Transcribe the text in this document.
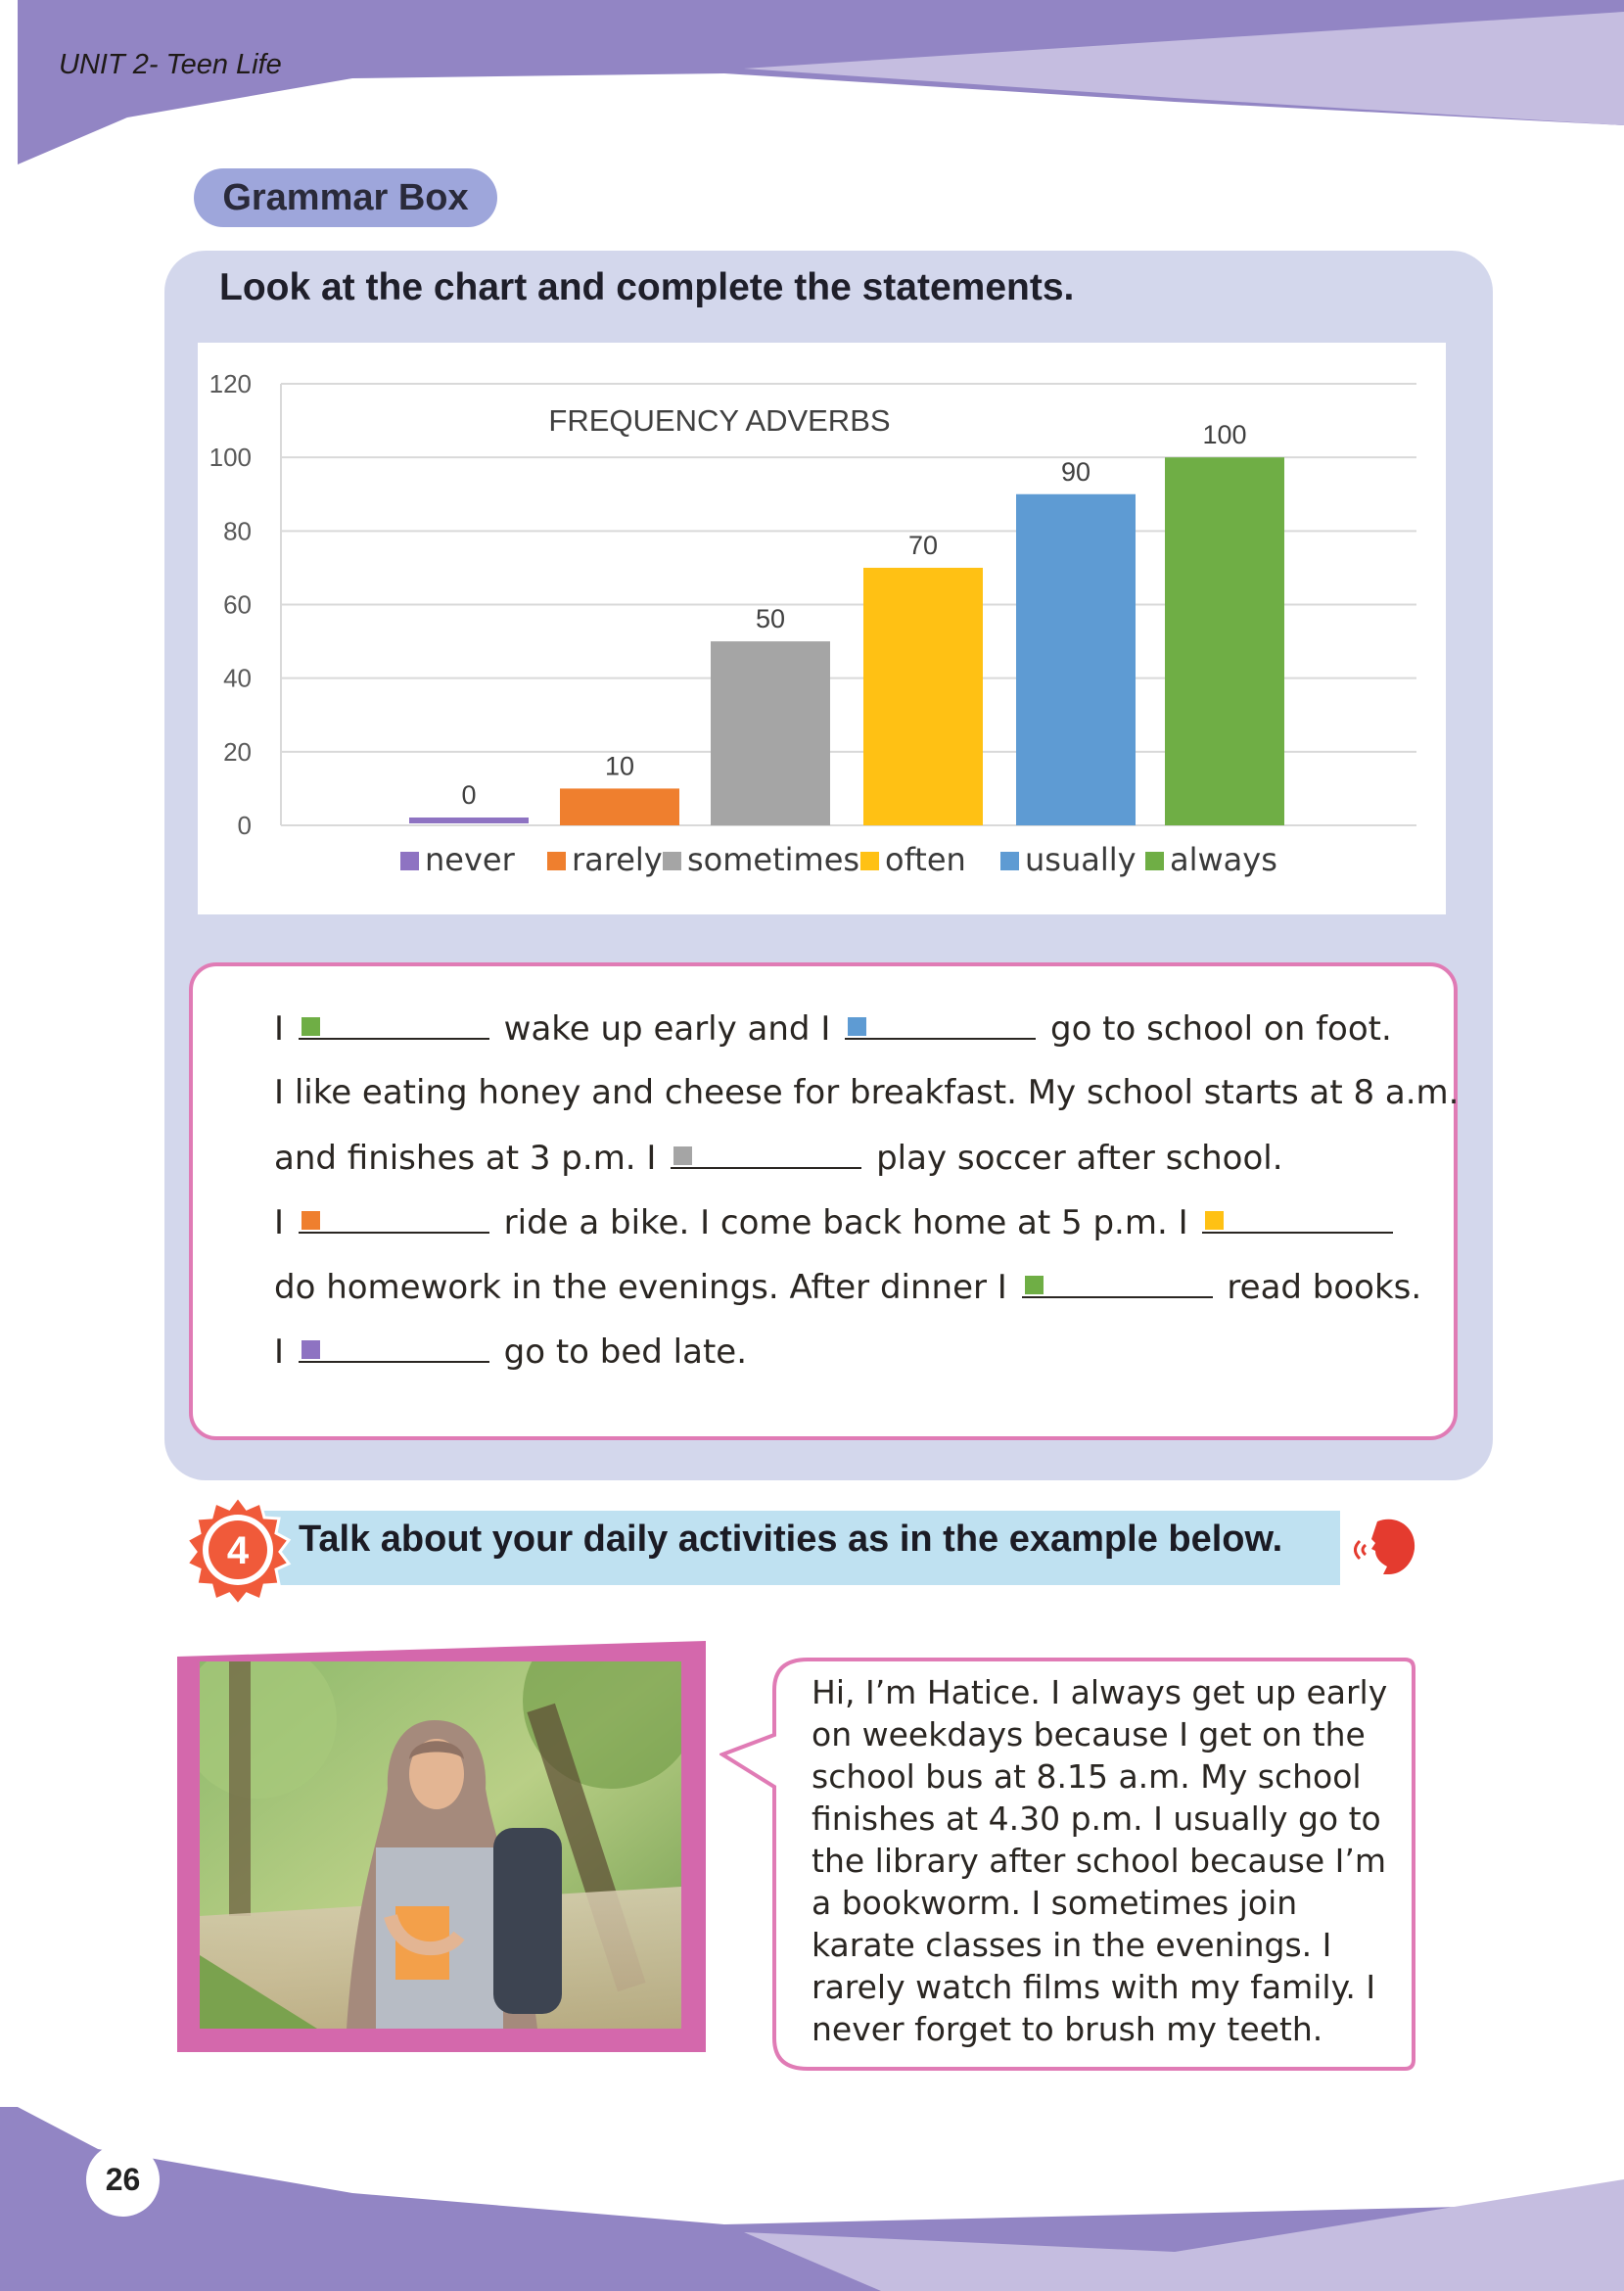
UNIT 2- Teen Life
Grammar Box
Look at the chart and complete the statements.
0
20
40
60
80
100
120
FREQUENCY ADVERBS
0
10
50
70
90
100
never rarely sometimes often usually always
I	wake up early and I	go to school on foot.
I like eating honey and cheese for breakfast. My school starts at 8 a.m.
and finishes at 3 p.m. I	play soccer after school.
I	ride a bike. I come back home at 5 p.m. I
do homework in the evenings. After dinner I	read books.
I	go to bed late.
4 Talk about your daily activities as in the example below.
Hi, I’m Hatice. I always get up early on weekdays because I get on the school bus at 8.15 a.m. My school finishes at 4.30 p.m. I usually go to the library after school because I’m a bookworm. I sometimes join karate classes in the evenings. I rarely watch films with my family. I never forget to brush my teeth.
26
